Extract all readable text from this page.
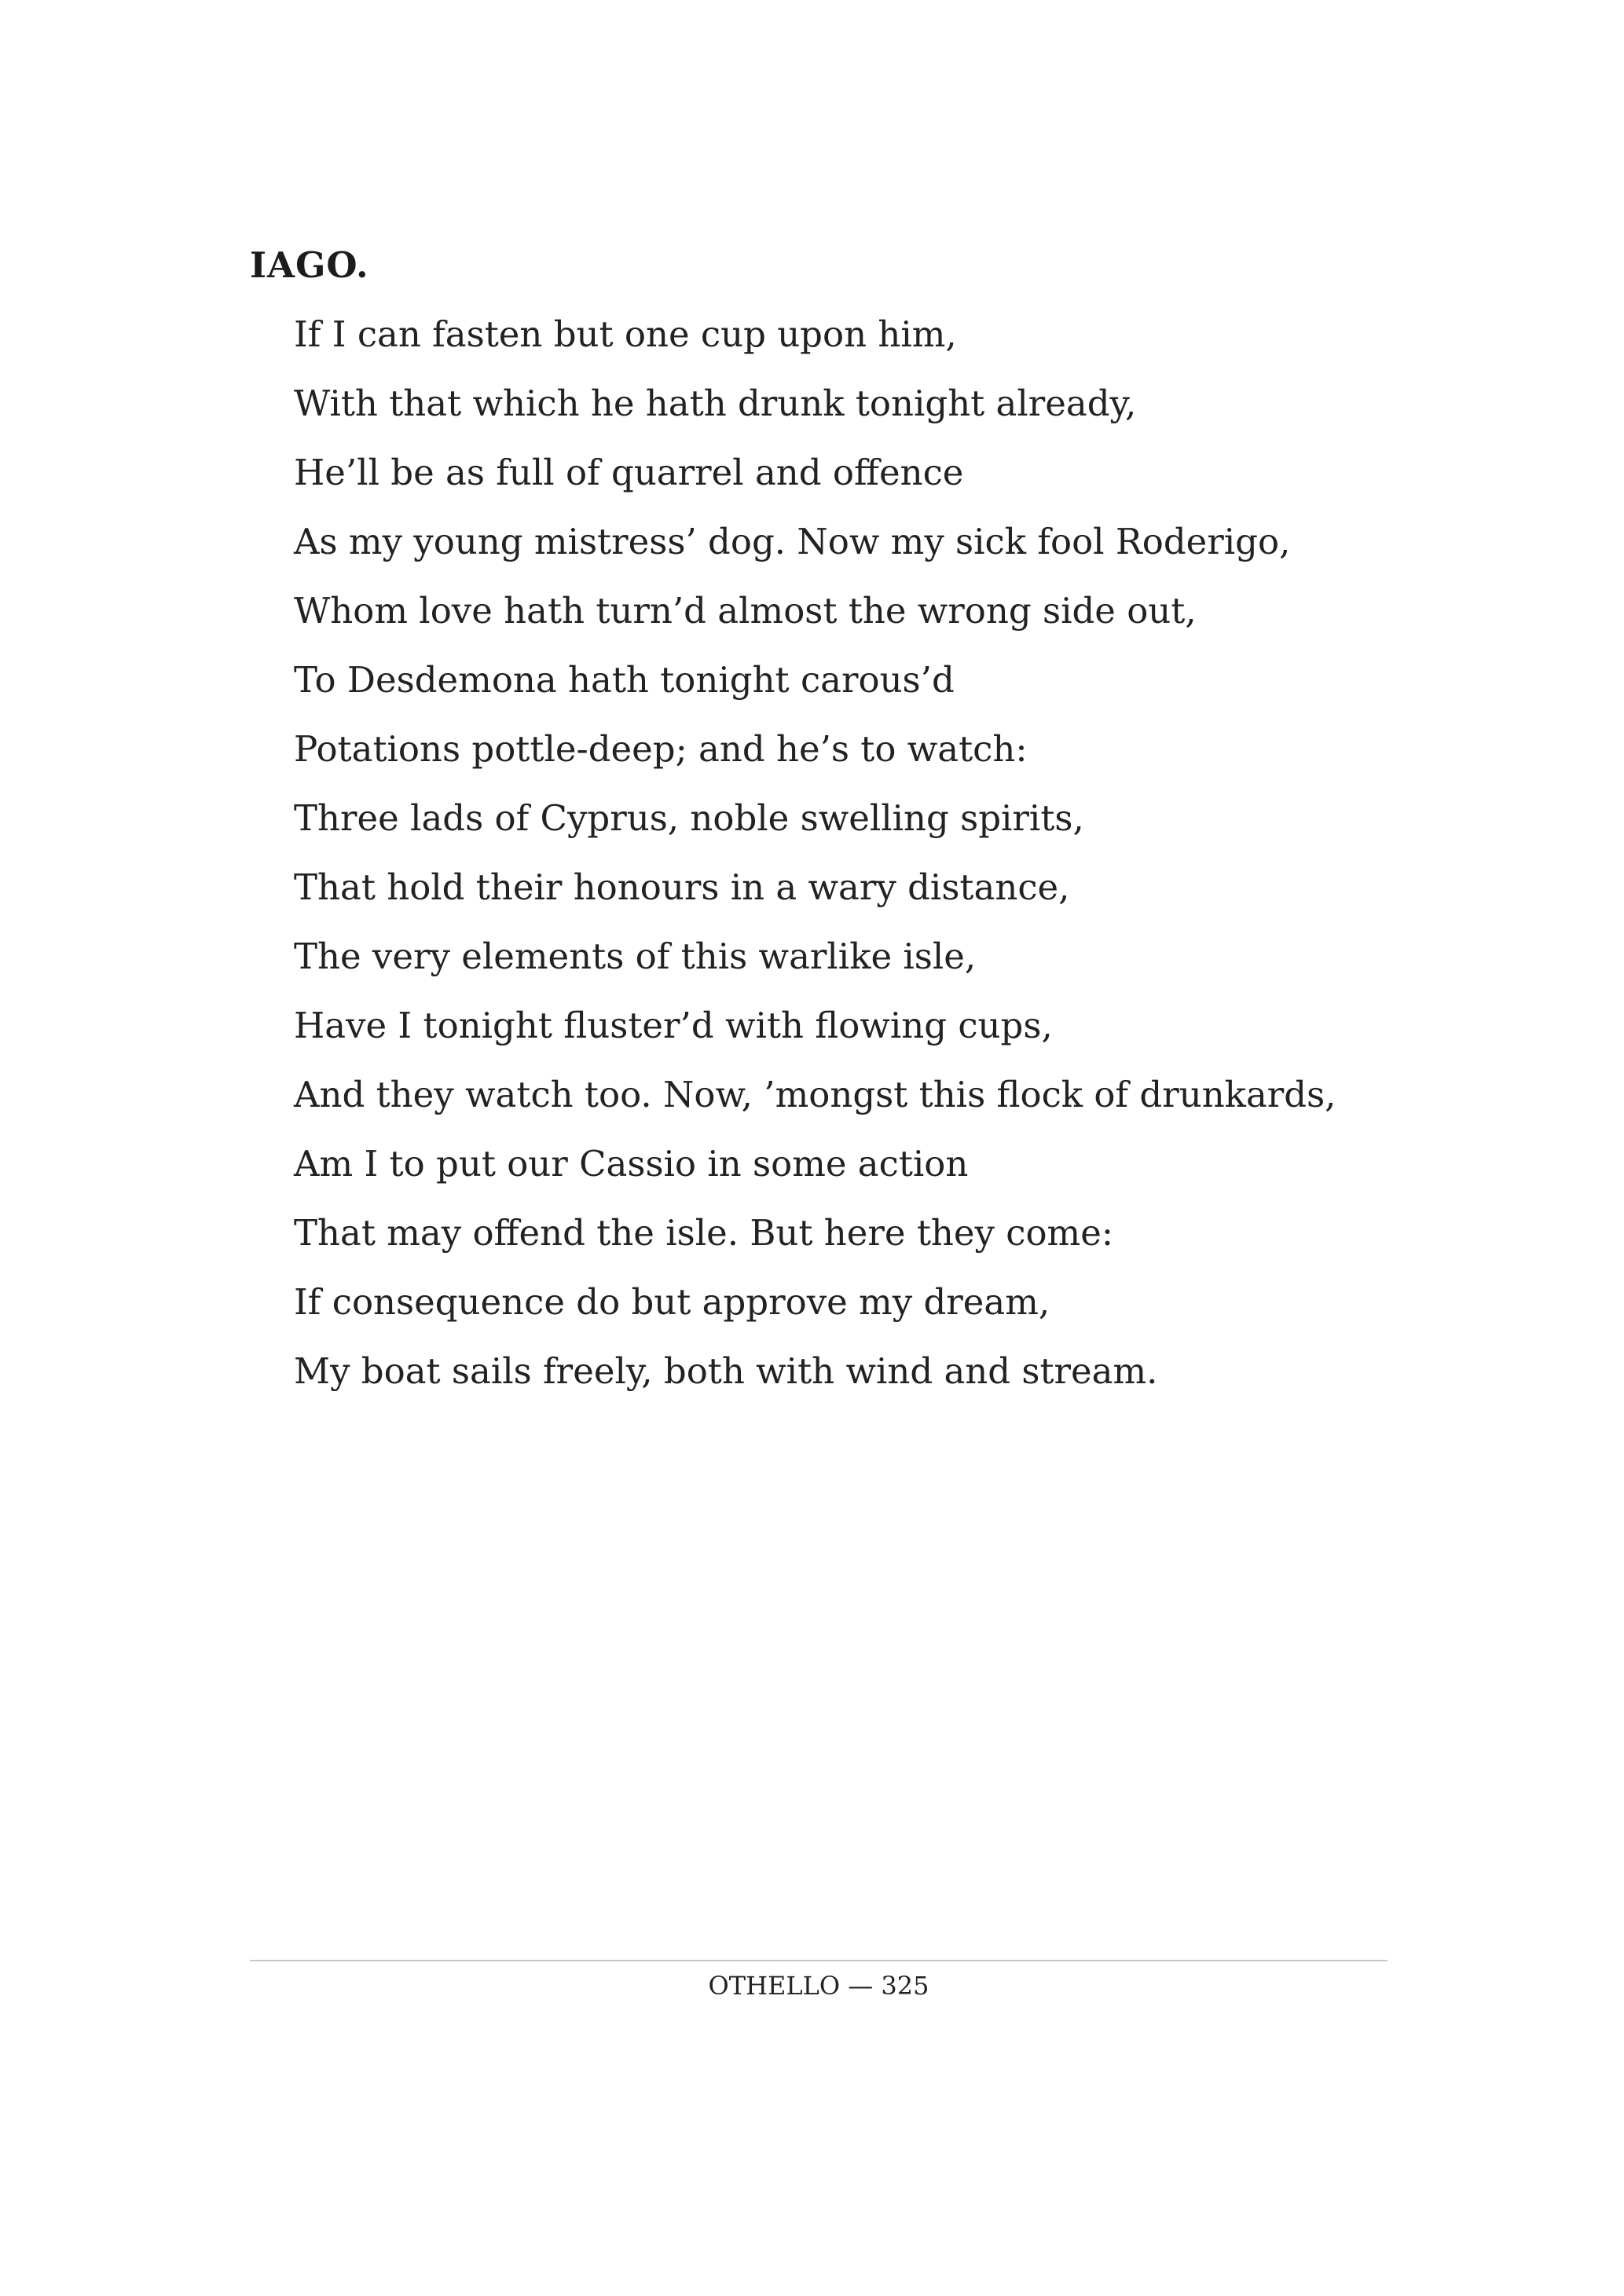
IAGO.
If I can fasten but one cup upon him,
With that which he hath drunk tonight already,
He’ll be as full of quarrel and offence
As my young mistress’ dog. Now my sick fool Roderigo,
Whom love hath turn’d almost the wrong side out,
To Desdemona hath tonight carous’d
Potations pottle-deep; and he’s to watch:
Three lads of Cyprus, noble swelling spirits,
That hold their honours in a wary distance,
The very elements of this warlike isle,
Have I tonight fluster’d with flowing cups,
And they watch too. Now, ’mongst this flock of drunkards,
Am I to put our Cassio in some action
That may offend the isle. But here they come:
If consequence do but approve my dream,
My boat sails freely, both with wind and stream.
OTHELLO — 325
